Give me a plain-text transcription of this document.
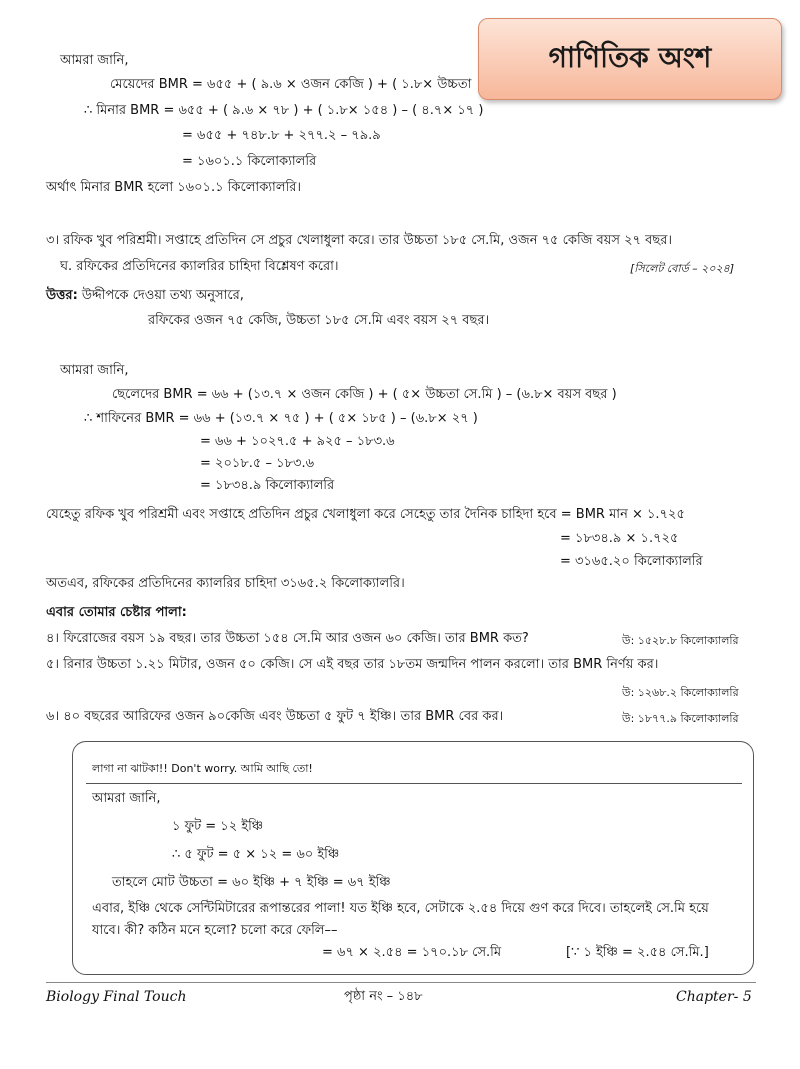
গাণিতিক অংশ
আমরা জানি,
মেয়েদের BMR = ৬৫৫ + ( ৯.৬ × ওজন কেজি ) + ( ১.৮× উচ্চতা
∴ মিনার BMR = ৬৫৫ + ( ৯.৬ × ৭৮ ) + ( ১.৮× ১৫৪ ) – ( ৪.৭× ১৭ )
= ৬৫৫ + ৭৪৮.৮ + ২৭৭.২ – ৭৯.৯
= ১৬০১.১ কিলোক্যালরি
অর্থাৎ মিনার BMR হলো ১৬০১.১ কিলোক্যালরি।
৩। রফিক খুব পরিশ্রমী। সপ্তাহে প্রতিদিন সে প্রচুর খেলাধুলা করে। তার উচ্চতা ১৮৫ সে.মি, ওজন ৭৫ কেজি বয়স ২৭ বছর।
ঘ. রফিকের প্রতিদিনের ক্যালরির চাহিদা বিশ্লেষণ করো।	[সিলেট বোর্ড – ২০২৪]
উত্তর: উদ্দীপকে দেওয়া তথ্য অনুসারে,
রফিকের ওজন ৭৫ কেজি, উচ্চতা ১৮৫ সে.মি এবং বয়স ২৭ বছর।
আমরা জানি,
ছেলেদের BMR = ৬৬ + (১৩.৭ × ওজন কেজি ) + ( ৫× উচ্চতা সে.মি ) – (৬.৮× বয়স বছর )
∴ শাফিনের BMR = ৬৬ + (১৩.৭ × ৭৫ ) + ( ৫× ১৮৫ ) – (৬.৮× ২৭ )
= ৬৬ + ১০২৭.৫ + ৯২৫ – ১৮৩.৬
= ২০১৮.৫ – ১৮৩.৬
= ১৮৩৪.৯ কিলোক্যালরি
যেহেতু রফিক খুব পরিশ্রমী এবং সপ্তাহে প্রতিদিন প্রচুর খেলাধুলা করে সেহেতু তার দৈনিক চাহিদা হবে = BMR মান × ১.৭২৫
= ১৮৩৪.৯ × ১.৭২৫
= ৩১৬৫.২০ কিলোক্যালরি
অতএব, রফিকের প্রতিদিনের ক্যালরির চাহিদা ৩১৬৫.২ কিলোক্যালরি।
এবার তোমার চেষ্টার পালা:
৪। ফিরোজের বয়স ১৯ বছর। তার উচ্চতা ১৫৪ সে.মি আর ওজন ৬০ কেজি। তার BMR কত?	উ: ১৫২৮.৮ কিলোক্যালরি
৫। রিনার উচ্চতা ১.২১ মিটার, ওজন ৫০ কেজি। সে এই বছর তার ১৮তম জন্মদিন পালন করলো। তার BMR নির্ণয় কর।
উ: ১২৬৮.২ কিলোক্যালরি
৬। ৪০ বছরের আরিফের ওজন ৯০কেজি এবং উচ্চতা ৫ ফুট ৭ ইঞ্চি। তার BMR বের কর।	উ: ১৮৭৭.৯ কিলোক্যালরি
লাগা না ঝাটকা!! Don't worry. আমি আছি তো!
আমরা জানি,
১ ফুট = ১২ ইঞ্চি
∴ ৫ ফুট = ৫ × ১২ = ৬০ ইঞ্চি
তাহলে মোট উচ্চতা = ৬০ ইঞ্চি + ৭ ইঞ্চি = ৬৭ ইঞ্চি
এবার, ইঞ্চি থেকে সেন্টিমিটারের রূপান্তরের পালা! যত ইঞ্চি হবে, সেটাকে ২.৫৪ দিয়ে গুণ করে দিবে। তাহলেই সে.মি হয়ে
যাবে। কী? কঠিন মনে হলো? চলো করে ফেলি––
= ৬৭ × ২.৫৪ = ১৭০.১৮ সে.মি	[∵ ১ ইঞ্চি = ২.৫৪ সে.মি.]
Biology Final Touch	পৃষ্ঠা নং – ১৪৮	Chapter- 5
